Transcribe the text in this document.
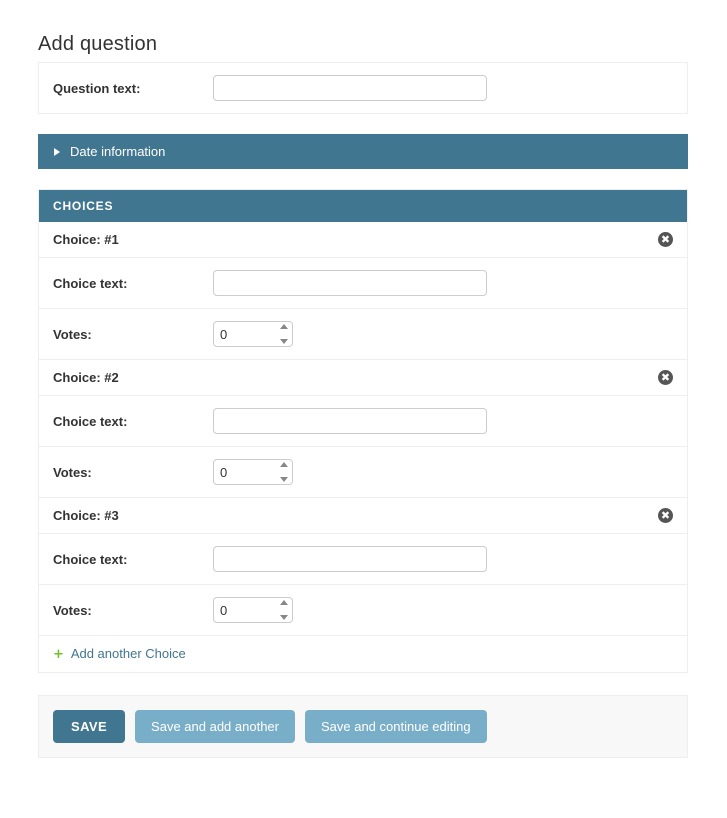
Add question
Question text:
Date information
CHOICES
Choice: #1	✖
Choice text:
Votes:
0
Choice: #2	✖
Choice text:
Votes:
0
Choice: #3	✖
Choice text:
Votes:
0
+ Add another Choice
SAVE	Save and add another	Save and continue editing
